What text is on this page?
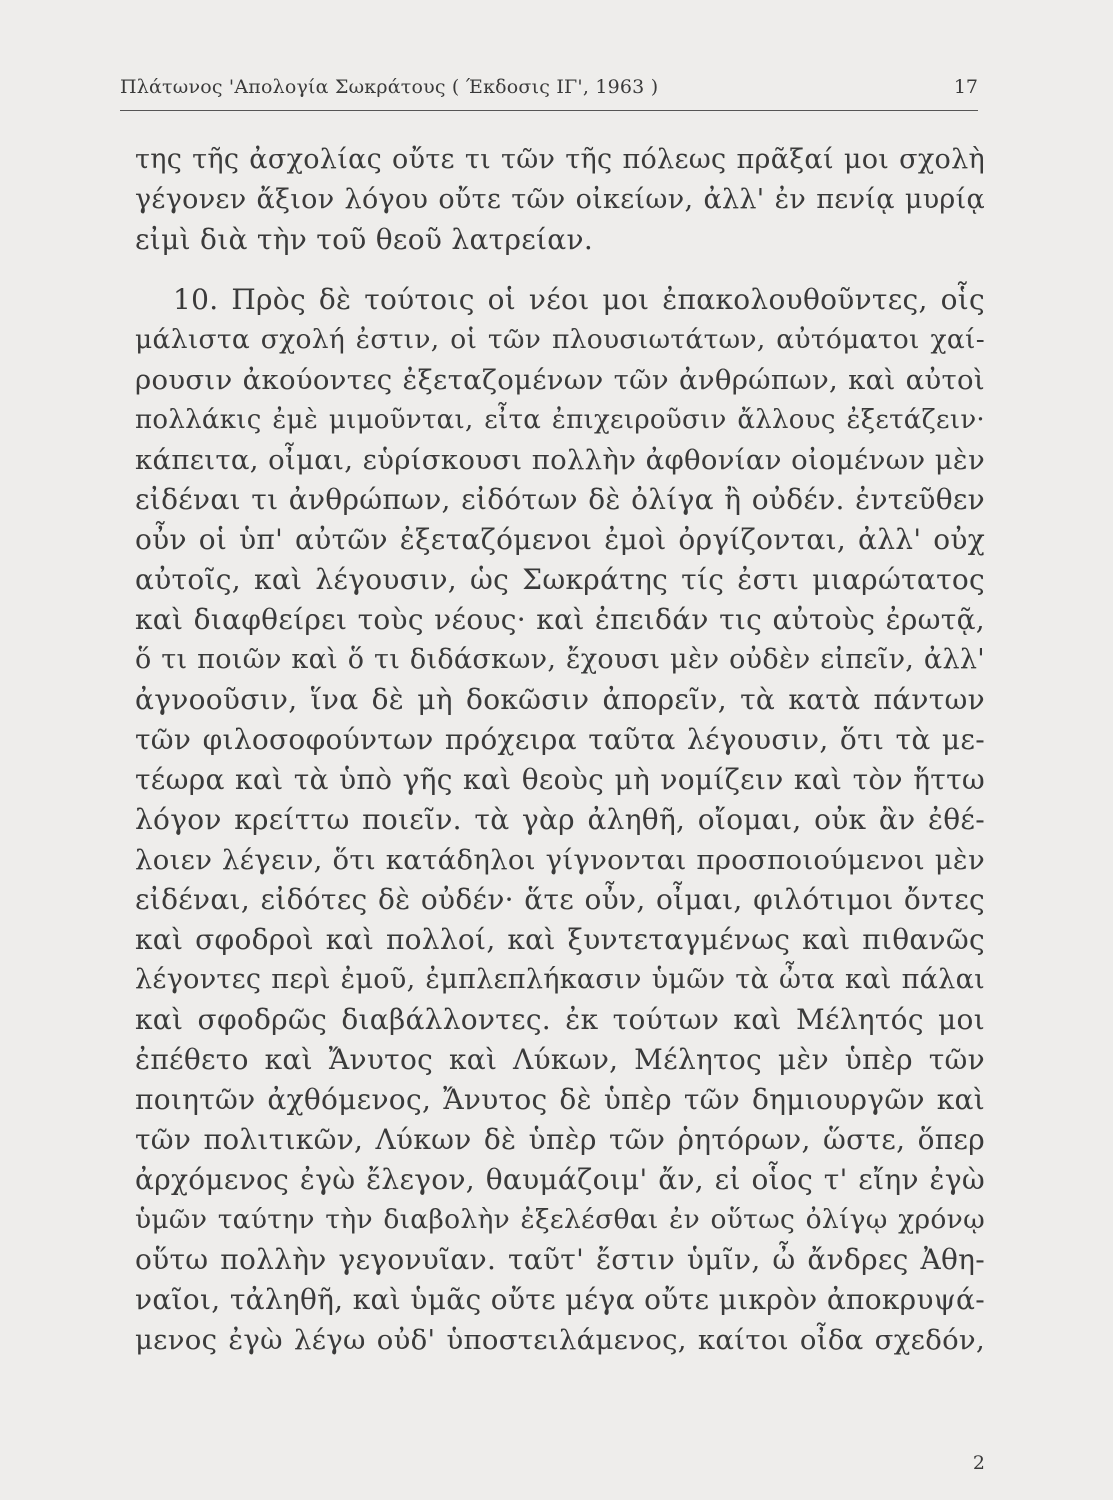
Πλάτωνος 'Απολογία Σωκράτους ( Έκδοσις ΙΓ', 1963 )	17
της τῆς ἀσχολίας οὔτε τι τῶν τῆς πόλεως πρᾶξαί μοι σχολὴ
γέγονεν ἄξιον λόγου οὔτε τῶν οἰκείων, ἀλλ' ἐν πενίᾳ μυρίᾳ
εἰμὶ διὰ τὴν τοῦ θεοῦ λατρείαν.
10. Πρὸς δὲ τούτοις οἱ νέοι μοι ἐπακολουθοῦντες, οἷς
μάλιστα σχολή ἐστιν, οἱ τῶν πλουσιωτάτων, αὐτόματοι χαί-
ρουσιν ἀκούοντες ἐξεταζομένων τῶν ἀνθρώπων, καὶ αὐτοὶ
πολλάκις ἐμὲ μιμοῦνται, εἶτα ἐπιχειροῦσιν ἄλλους ἐξετάζειν·
κάπειτα, οἶμαι, εὑρίσκουσι πολλὴν ἀφθονίαν οἰομένων μὲν
εἰδέναι τι ἀνθρώπων, εἰδότων δὲ ὀλίγα ἢ οὐδέν. ἐντεῦθεν
οὖν οἱ ὑπ' αὐτῶν ἐξεταζόμενοι ἐμοὶ ὀργίζονται, ἀλλ' οὐχ
αὐτοῖς, καὶ λέγουσιν, ὡς Σωκράτης τίς ἐστι μιαρώτατος
καὶ διαφθείρει τοὺς νέους· καὶ ἐπειδάν τις αὐτοὺς ἐρωτᾷ,
ὅ τι ποιῶν καὶ ὅ τι διδάσκων, ἔχουσι μὲν οὐδὲν εἰπεῖν, ἀλλ'
ἀγνοοῦσιν, ἵνα δὲ μὴ δοκῶσιν ἀπορεῖν, τὰ κατὰ πάντων
τῶν φιλοσοφούντων πρόχειρα ταῦτα λέγουσιν, ὅτι τὰ με-
τέωρα καὶ τὰ ὑπὸ γῆς καὶ θεοὺς μὴ νομίζειν καὶ τὸν ἥττω
λόγον κρείττω ποιεῖν. τὰ γὰρ ἀληθῆ, οἴομαι, οὐκ ἂν ἐθέ-
λοιεν λέγειν, ὅτι κατάδηλοι γίγνονται προσποιούμενοι μὲν
εἰδέναι, εἰδότες δὲ οὐδέν· ἅτε οὖν, οἶμαι, φιλότιμοι ὄντες
καὶ σφοδροὶ καὶ πολλοί, καὶ ξυντεταγμένως καὶ πιθανῶς
λέγοντες περὶ ἐμοῦ, ἐμπλεπλήκασιν ὑμῶν τὰ ὦτα καὶ πάλαι
καὶ σφοδρῶς διαβάλλοντες. ἐκ τούτων καὶ Μέλητός μοι
ἐπέθετο καὶ Ἄνυτος καὶ Λύκων, Μέλητος μὲν ὑπὲρ τῶν
ποιητῶν ἀχθόμενος, Ἄνυτος δὲ ὑπὲρ τῶν δημιουργῶν καὶ
τῶν πολιτικῶν, Λύκων δὲ ὑπὲρ τῶν ῥητόρων, ὥστε, ὅπερ
ἀρχόμενος ἐγὼ ἔλεγον, θαυμάζοιμ' ἄν, εἰ οἷος τ' εἴην ἐγὼ
ὑμῶν ταύτην τὴν διαβολὴν ἐξελέσθαι ἐν οὕτως ὀλίγῳ χρόνῳ
οὕτω πολλὴν γεγονυῖαν. ταῦτ' ἔστιν ὑμῖν, ὦ ἄνδρες Ἀθη-
ναῖοι, τἀληθῆ, καὶ ὑμᾶς οὔτε μέγα οὔτε μικρὸν ἀποκρυψά-
μενος ἐγὼ λέγω οὐδ' ὑποστειλάμενος, καίτοι οἶδα σχεδόν,
2
